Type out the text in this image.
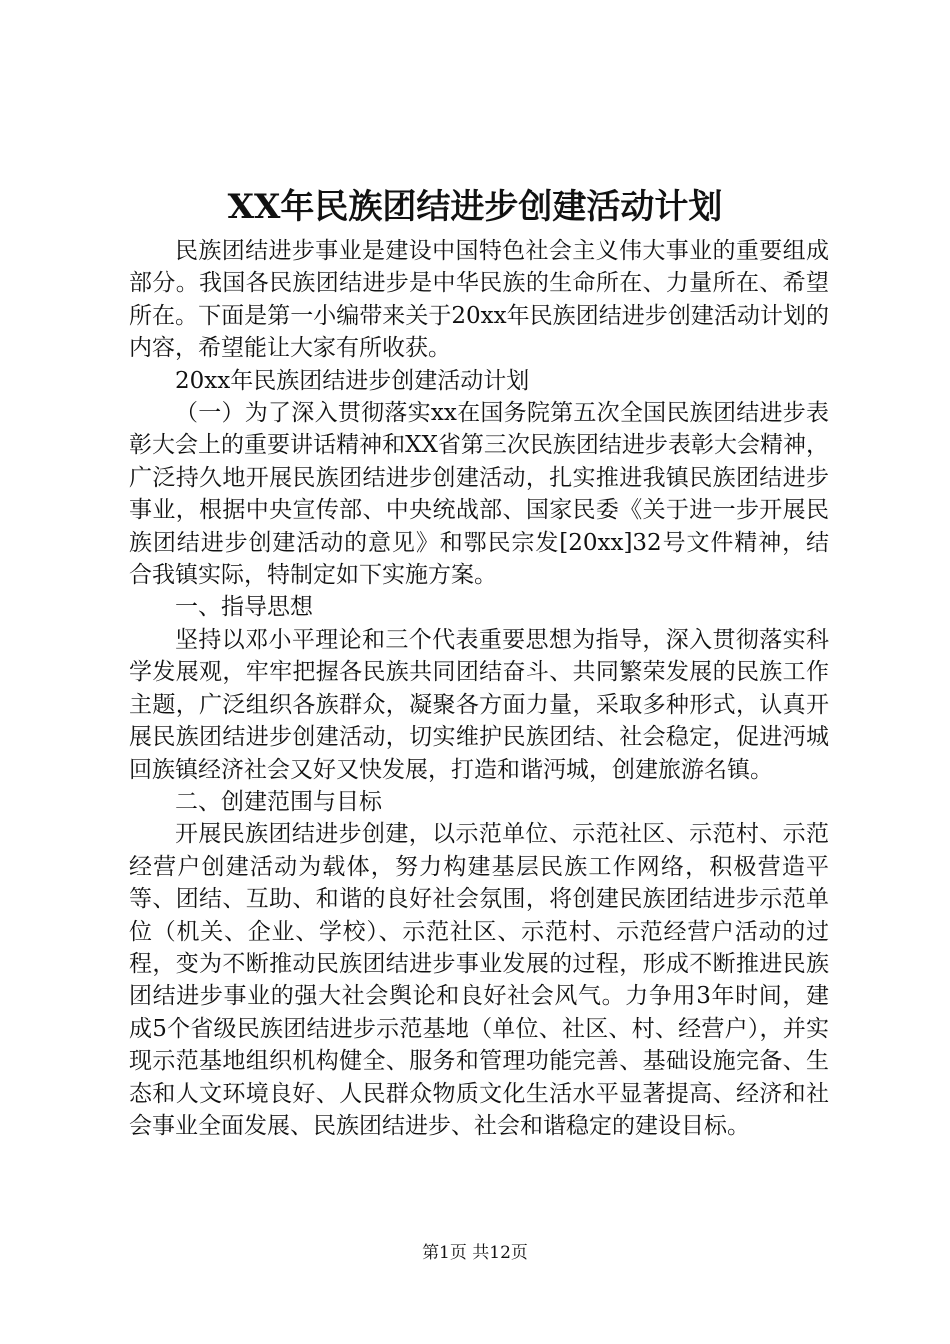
XX年民族团结进步创建活动计划

民族团结进步事业是建设中国特色社会主义伟大事业的重要组成部分。我国各民族团结进步是中华民族的生命所在、力量所在、希望所在。下面是第一小编带来关于20xx年民族团结进步创建活动计划的内容，希望能让大家有所收获。

20xx年民族团结进步创建活动计划

（一）为了深入贯彻落实xx在国务院第五次全国民族团结进步表彰大会上的重要讲话精神和XX省第三次民族团结进步表彰大会精神，广泛持久地开展民族团结进步创建活动，扎实推进我镇民族团结进步事业，根据中央宣传部、中央统战部、国家民委《关于进一步开展民族团结进步创建活动的意见》和鄂民宗发[20xx]32号文件精神，结合我镇实际，特制定如下实施方案。

一、指导思想

坚持以邓小平理论和三个代表重要思想为指导，深入贯彻落实科学发展观，牢牢把握各民族共同团结奋斗、共同繁荣发展的民族工作主题，广泛组织各族群众，凝聚各方面力量，采取多种形式，认真开展民族团结进步创建活动，切实维护民族团结、社会稳定，促进沔城回族镇经济社会又好又快发展，打造和谐沔城，创建旅游名镇。

二、创建范围与目标

开展民族团结进步创建，以示范单位、示范社区、示范村、示范经营户创建活动为载体，努力构建基层民族工作网络，积极营造平等、团结、互助、和谐的良好社会氛围，将创建民族团结进步示范单位（机关、企业、学校）、示范社区、示范村、示范经营户活动的过程，变为不断推动民族团结进步事业发展的过程，形成不断推进民族团结进步事业的强大社会舆论和良好社会风气。力争用3年时间，建成5个省级民族团结进步示范基地（单位、社区、村、经营户），并实现示范基地组织机构健全、服务和管理功能完善、基础设施完备、生态和人文环境良好、人民群众物质文化生活水平显著提高、经济和社会事业全面发展、民族团结进步、社会和谐稳定的建设目标。

第1页 共12页
